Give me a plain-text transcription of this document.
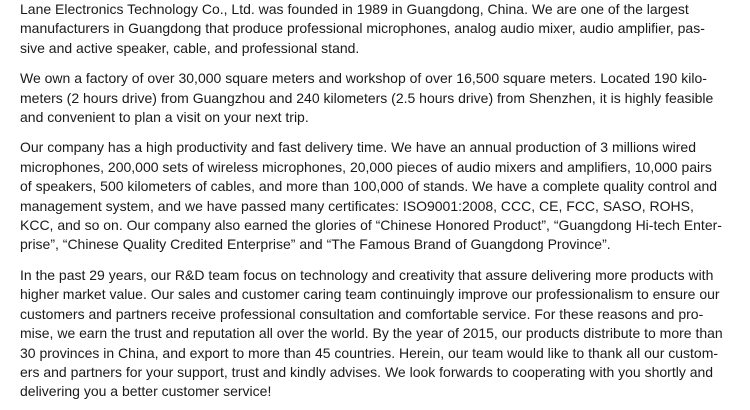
Lane Electronics Technology Co., Ltd. was founded in 1989 in Guangdong, China. We are one of the largest
manufacturers in Guangdong that produce professional microphones, analog audio mixer, audio amplifier, pas-
sive and active speaker, cable, and professional stand.
We own a factory of over 30,000 square meters and workshop of over 16,500 square meters. Located 190 kilo-
meters (2 hours drive) from Guangzhou and 240 kilometers (2.5 hours drive) from Shenzhen, it is highly feasible
and convenient to plan a visit on your next trip.
Our company has a high productivity and fast delivery time. We have an annual production of 3 millions wired
microphones, 200,000 sets of wireless microphones, 20,000 pieces of audio mixers and amplifiers, 10,000 pairs
of speakers, 500 kilometers of cables, and more than 100,000 of stands. We have a complete quality control and
management system, and we have passed many certificates: ISO9001:2008, CCC, CE, FCC, SASO, ROHS,
KCC, and so on. Our company also earned the glories of “Chinese Honored Product”, “Guangdong Hi-tech Enter-
prise”, “Chinese Quality Credited Enterprise” and “The Famous Brand of Guangdong Province”.
In the past 29 years, our R&D team focus on technology and creativity that assure delivering more products with
higher market value. Our sales and customer caring team continuingly improve our professionalism to ensure our
customers and partners receive professional consultation and comfortable service. For these reasons and pro-
mise, we earn the trust and reputation all over the world. By the year of 2015, our products distribute to more than
30 provinces in China, and export to more than 45 countries. Herein, our team would like to thank all our custom-
ers and partners for your support, trust and kindly advises. We look forwards to cooperating with you shortly and
delivering you a better customer service!
